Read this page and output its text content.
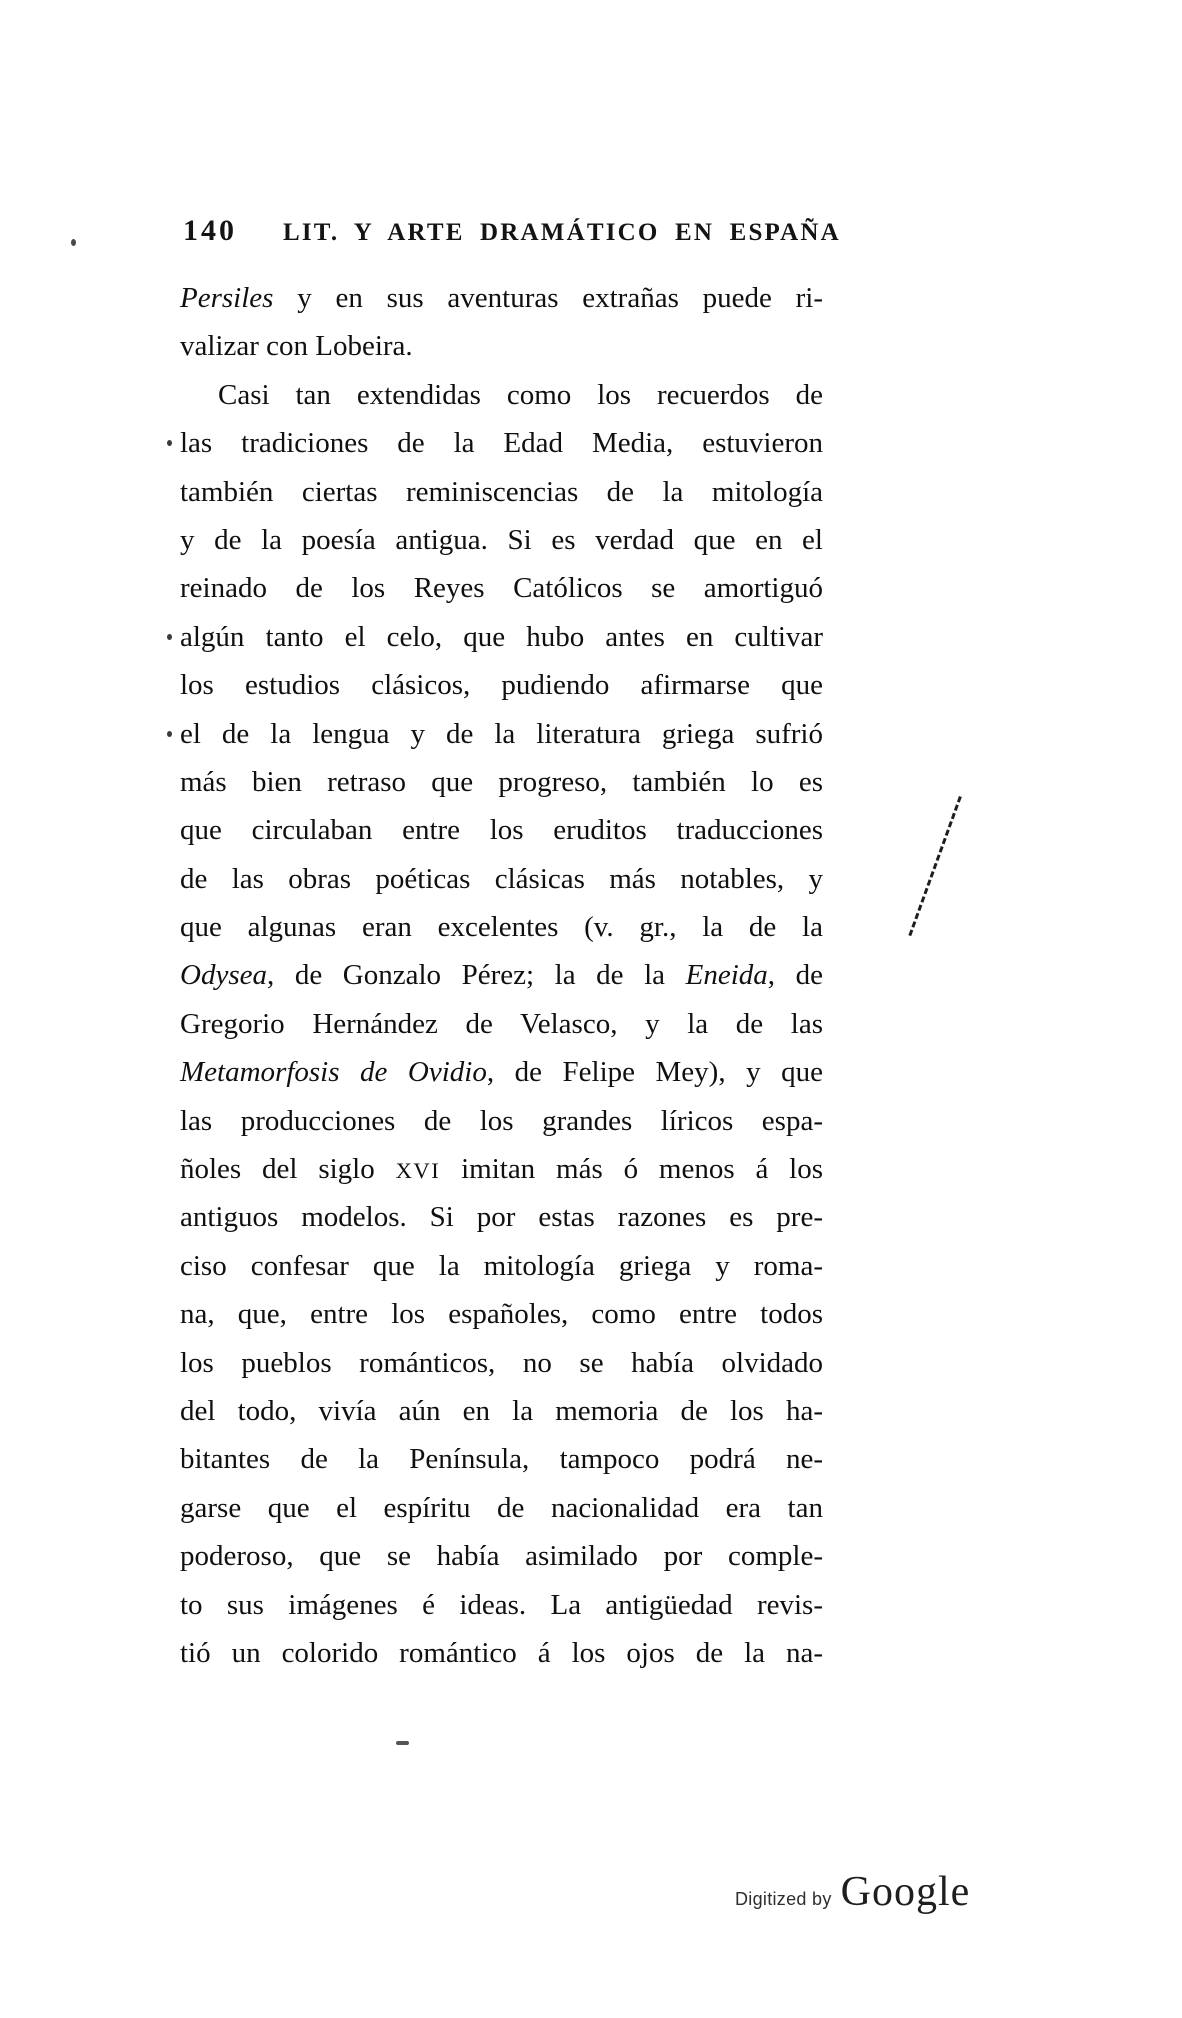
140 LIT. Y ARTE DRAMÁTICO EN ESPAÑA
Persiles y en sus aventuras extrañas puede ri-
valizar con Lobeira.
Casi tan extendidas como los recuerdos de
las tradiciones de la Edad Media, estuvieron
también ciertas reminiscencias de la mitología
y de la poesía antigua. Si es verdad que en el
reinado de los Reyes Católicos se amortiguó
algún tanto el celo, que hubo antes en cultivar
los estudios clásicos, pudiendo afirmarse que
el de la lengua y de la literatura griega sufrió
más bien retraso que progreso, también lo es
que circulaban entre los eruditos traducciones
de las obras poéticas clásicas más notables, y
que algunas eran excelentes (v. gr., la de la
Odysea, de Gonzalo Pérez; la de la Eneida, de
Gregorio Hernández de Velasco, y la de las
Metamorfosis de Ovidio, de Felipe Mey), y que
las producciones de los grandes líricos espa-
ñoles del siglo XVI imitan más ó menos á los
antiguos modelos. Si por estas razones es pre-
ciso confesar que la mitología griega y roma-
na, que, entre los españoles, como entre todos
los pueblos románticos, no se había olvidado
del todo, vivía aún en la memoria de los ha-
bitantes de la Península, tampoco podrá ne-
garse que el espíritu de nacionalidad era tan
poderoso, que se había asimilado por comple-
to sus imágenes é ideas. La antigüedad revis-
tió un colorido romántico á los ojos de la na-
Digitized by Google
